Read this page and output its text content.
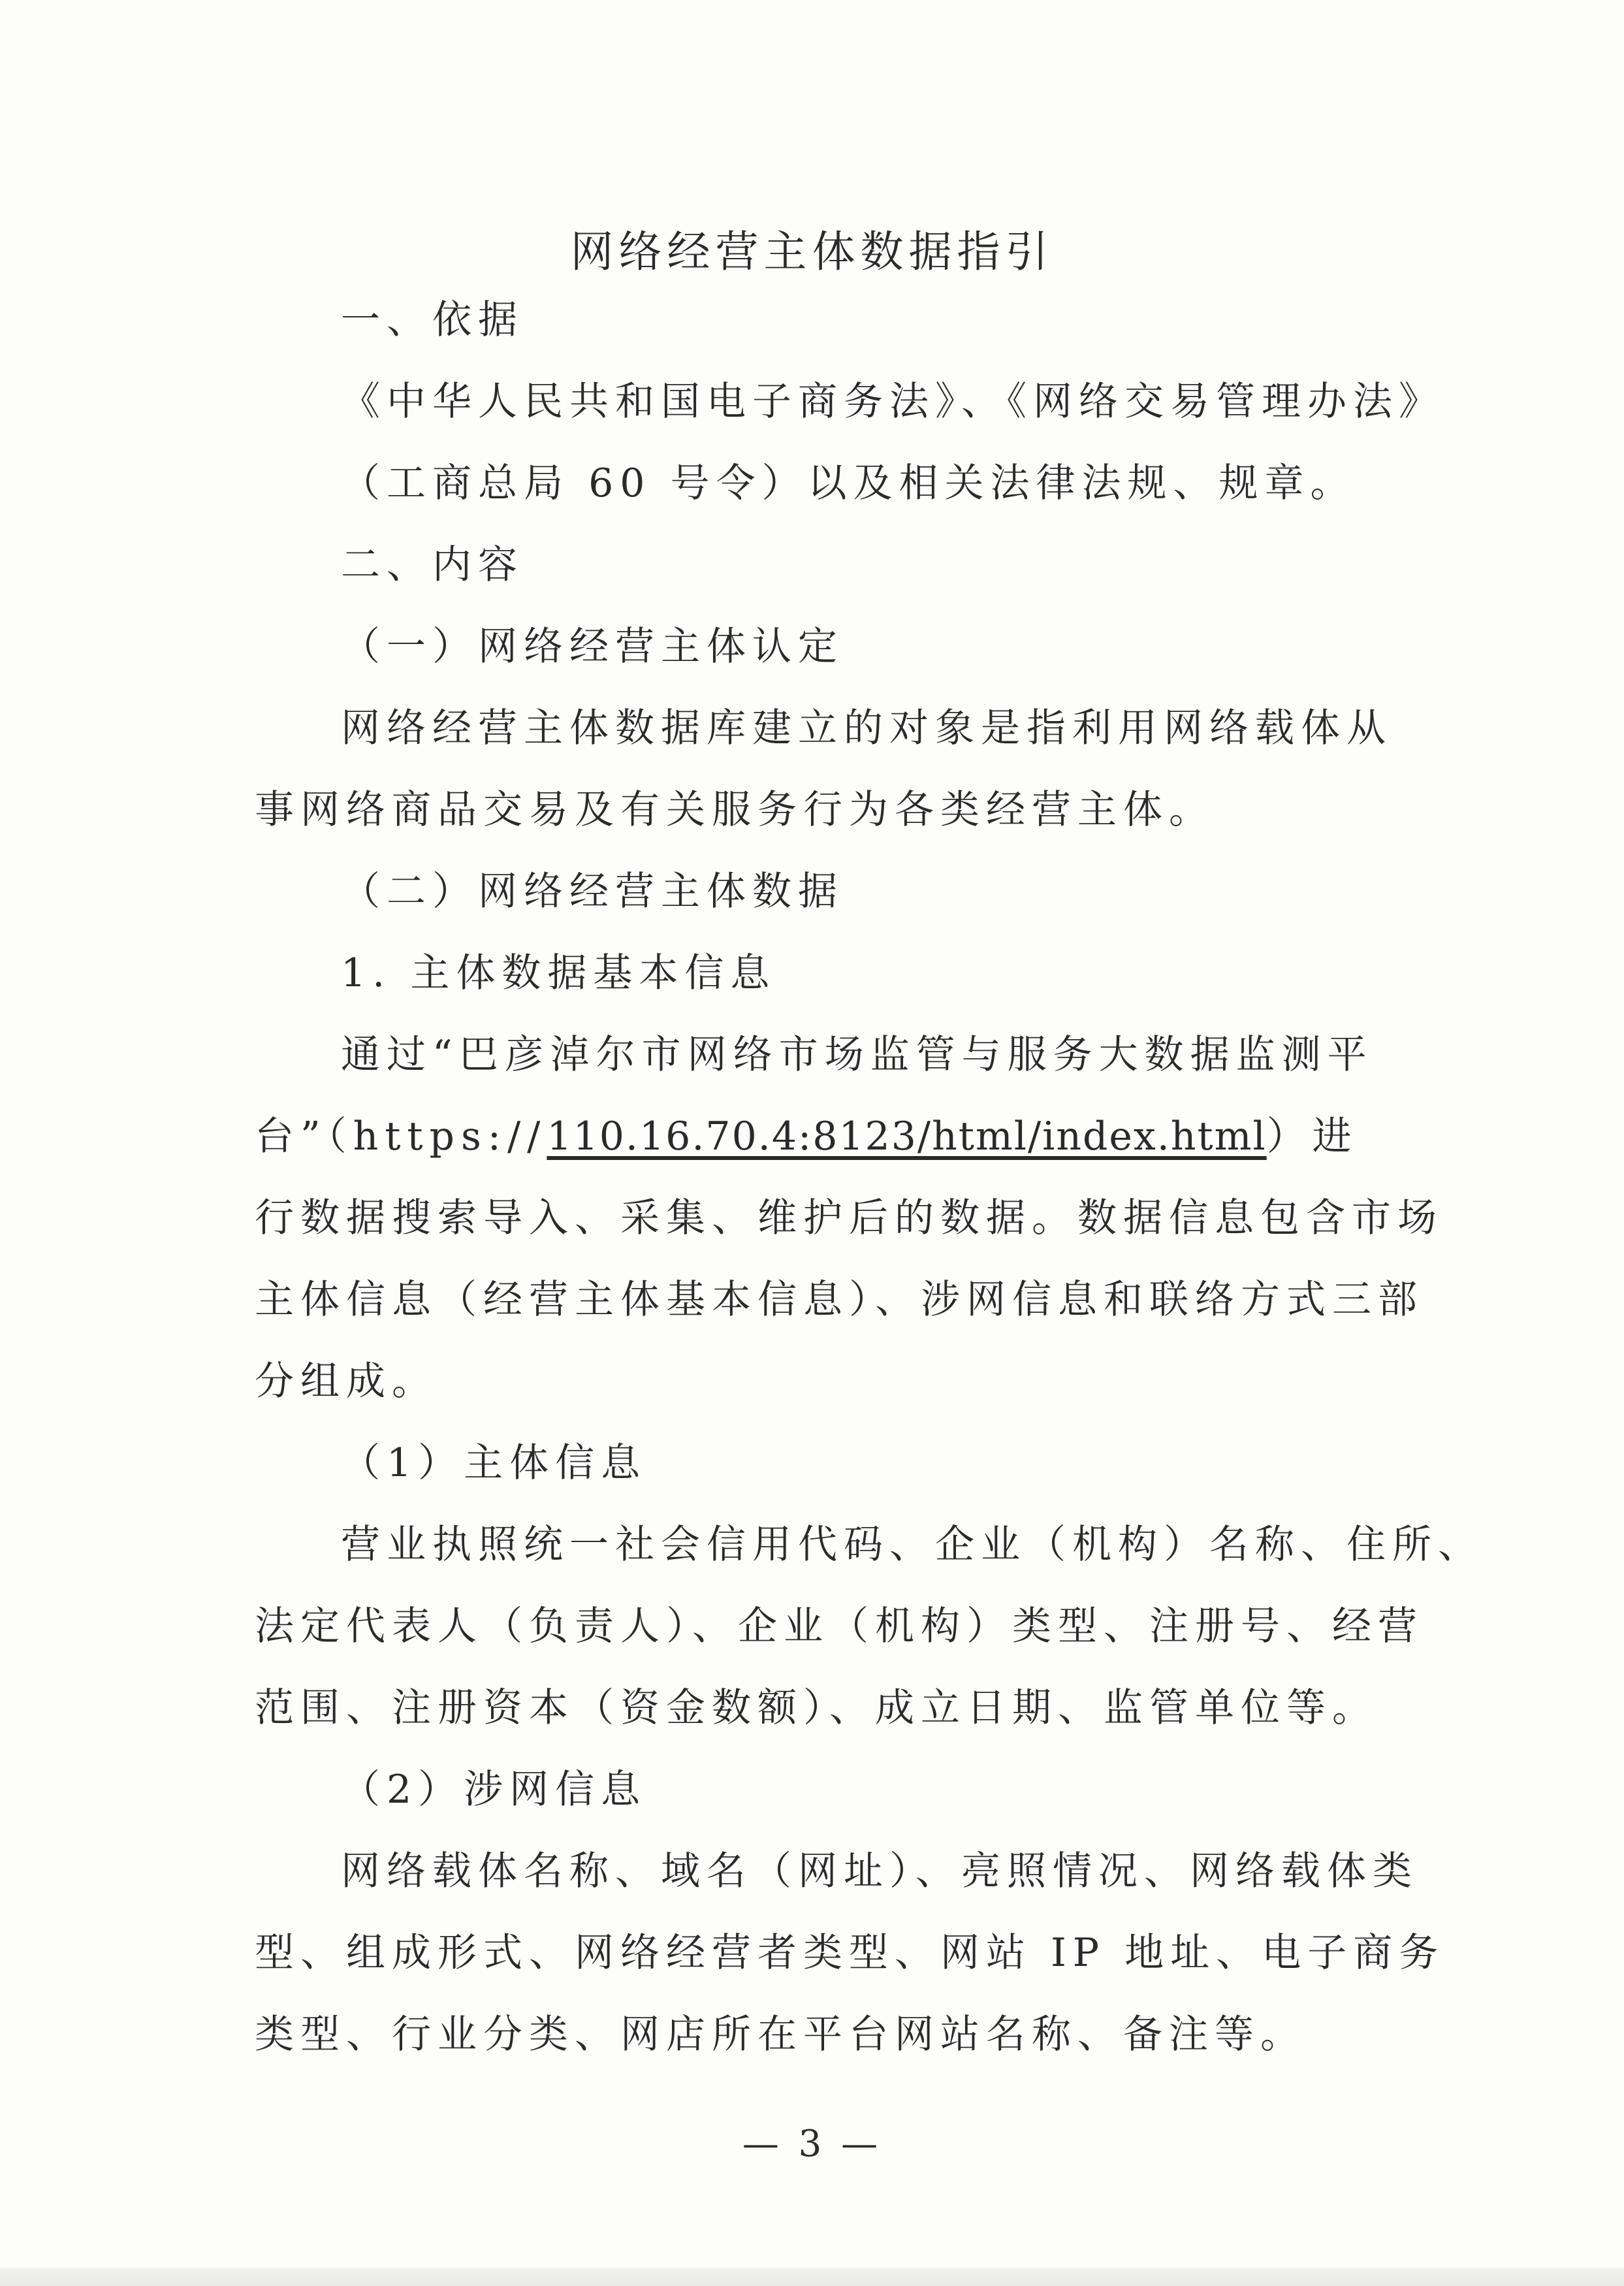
网络经营主体数据指引
一、依据
《中华人民共和国电子商务法》、《网络交易管理办法》
（工商总局 60 号令）以及相关法律法规、规章。
二、内容
（一）网络经营主体认定
网络经营主体数据库建立的对象是指利用网络载体从
事网络商品交易及有关服务行为各类经营主体。
（二）网络经营主体数据
1. 主体数据基本信息
通过“巴彦淖尔市网络市场监管与服务大数据监测平
台”（https://110.16.70.4:8123/html/index.html）进
行数据搜索导入、采集、维护后的数据。数据信息包含市场
主体信息（经营主体基本信息）、涉网信息和联络方式三部
分组成。
（1）主体信息
营业执照统一社会信用代码、企业（机构）名称、住所、
法定代表人（负责人）、企业（机构）类型、注册号、经营
范围、注册资本（资金数额）、成立日期、监管单位等。
（2）涉网信息
网络载体名称、域名（网址）、亮照情况、网络载体类
型、组成形式、网络经营者类型、网站 IP 地址、电子商务
类型、行业分类、网店所在平台网站名称、备注等。
— 3 —
